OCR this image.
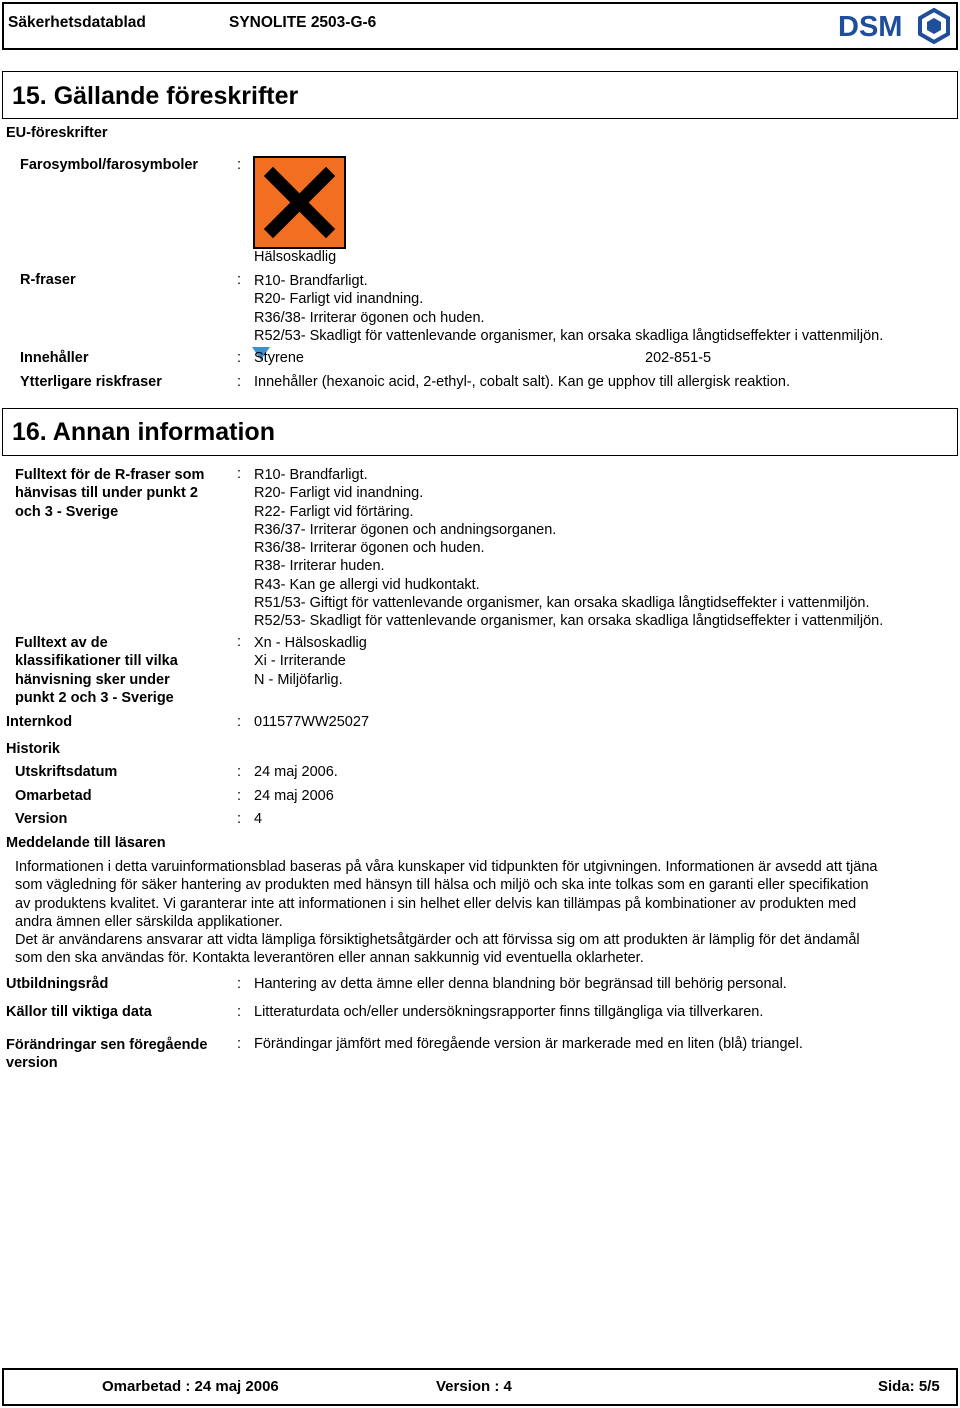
Säkerhetsdatablad	SYNOLITE 2503-G-6	DSM
15. Gällande föreskrifter
EU-föreskrifter
Farosymbol/farosymboler	:
Hälsoskadlig
R-fraser	: R10- Brandfarligt.
R20- Farligt vid inandning.
R36/38- Irriterar ögonen och huden.
R52/53- Skadligt för vattenlevande organismer, kan orsaka skadliga långtidseffekter i vattenmiljön.
Innehåller	: Styrene	202-851-5
Ytterligare riskfraser	: Innehåller (hexanoic acid, 2-ethyl-, cobalt salt). Kan ge upphov till allergisk reaktion.
16. Annan information
Fulltext för de R-fraser som
hänvisas till under punkt 2
och 3 - Sverige
: R10- Brandfarligt.
R20- Farligt vid inandning.
R22- Farligt vid förtäring.
R36/37- Irriterar ögonen och andningsorganen.
R36/38- Irriterar ögonen och huden.
R38- Irriterar huden.
R43- Kan ge allergi vid hudkontakt.
R51/53- Giftigt för vattenlevande organismer, kan orsaka skadliga långtidseffekter i vattenmiljön.
R52/53- Skadligt för vattenlevande organismer, kan orsaka skadliga långtidseffekter i vattenmiljön.
Fulltext av de
klassifikationer till vilka
hänvisning sker under
punkt 2 och 3 - Sverige
: Xn - Hälsoskadlig
Xi - Irriterande
N - Miljöfarlig.
Internkod	: 011577WW25027
Historik
Utskriftsdatum	: 24 maj 2006.
Omarbetad	: 24 maj 2006
Version	: 4
Meddelande till läsaren
Informationen i detta varuinformationsblad baseras på våra kunskaper vid tidpunkten för utgivningen. Informationen är avsedd att tjäna
som vägledning för säker hantering av produkten med hänsyn till hälsa och miljö och ska inte tolkas som en garanti eller specifikation
av produktens kvalitet. Vi garanterar inte att informationen i sin helhet eller delvis kan tillämpas på kombinationer av produkten med
andra ämnen eller särskilda applikationer.
Det är användarens ansvarar att vidta lämpliga försiktighetsåtgärder och att förvissa sig om att produkten är lämplig för det ändamål
som den ska användas för. Kontakta leverantören eller annan sakkunnig vid eventuella oklarheter.
Utbildningsråd	: Hantering av detta ämne eller denna blandning bör begränsad till behörig personal.
Källor till viktiga data	: Litteraturdata och/eller undersökningsrapporter finns tillgängliga via tillverkaren.
Förändringar sen föregående
version
: Förändingar jämfört med föregående version är markerade med en liten (blå) triangel.
Omarbetad : 24 maj 2006	Version : 4	Sida: 5/5
